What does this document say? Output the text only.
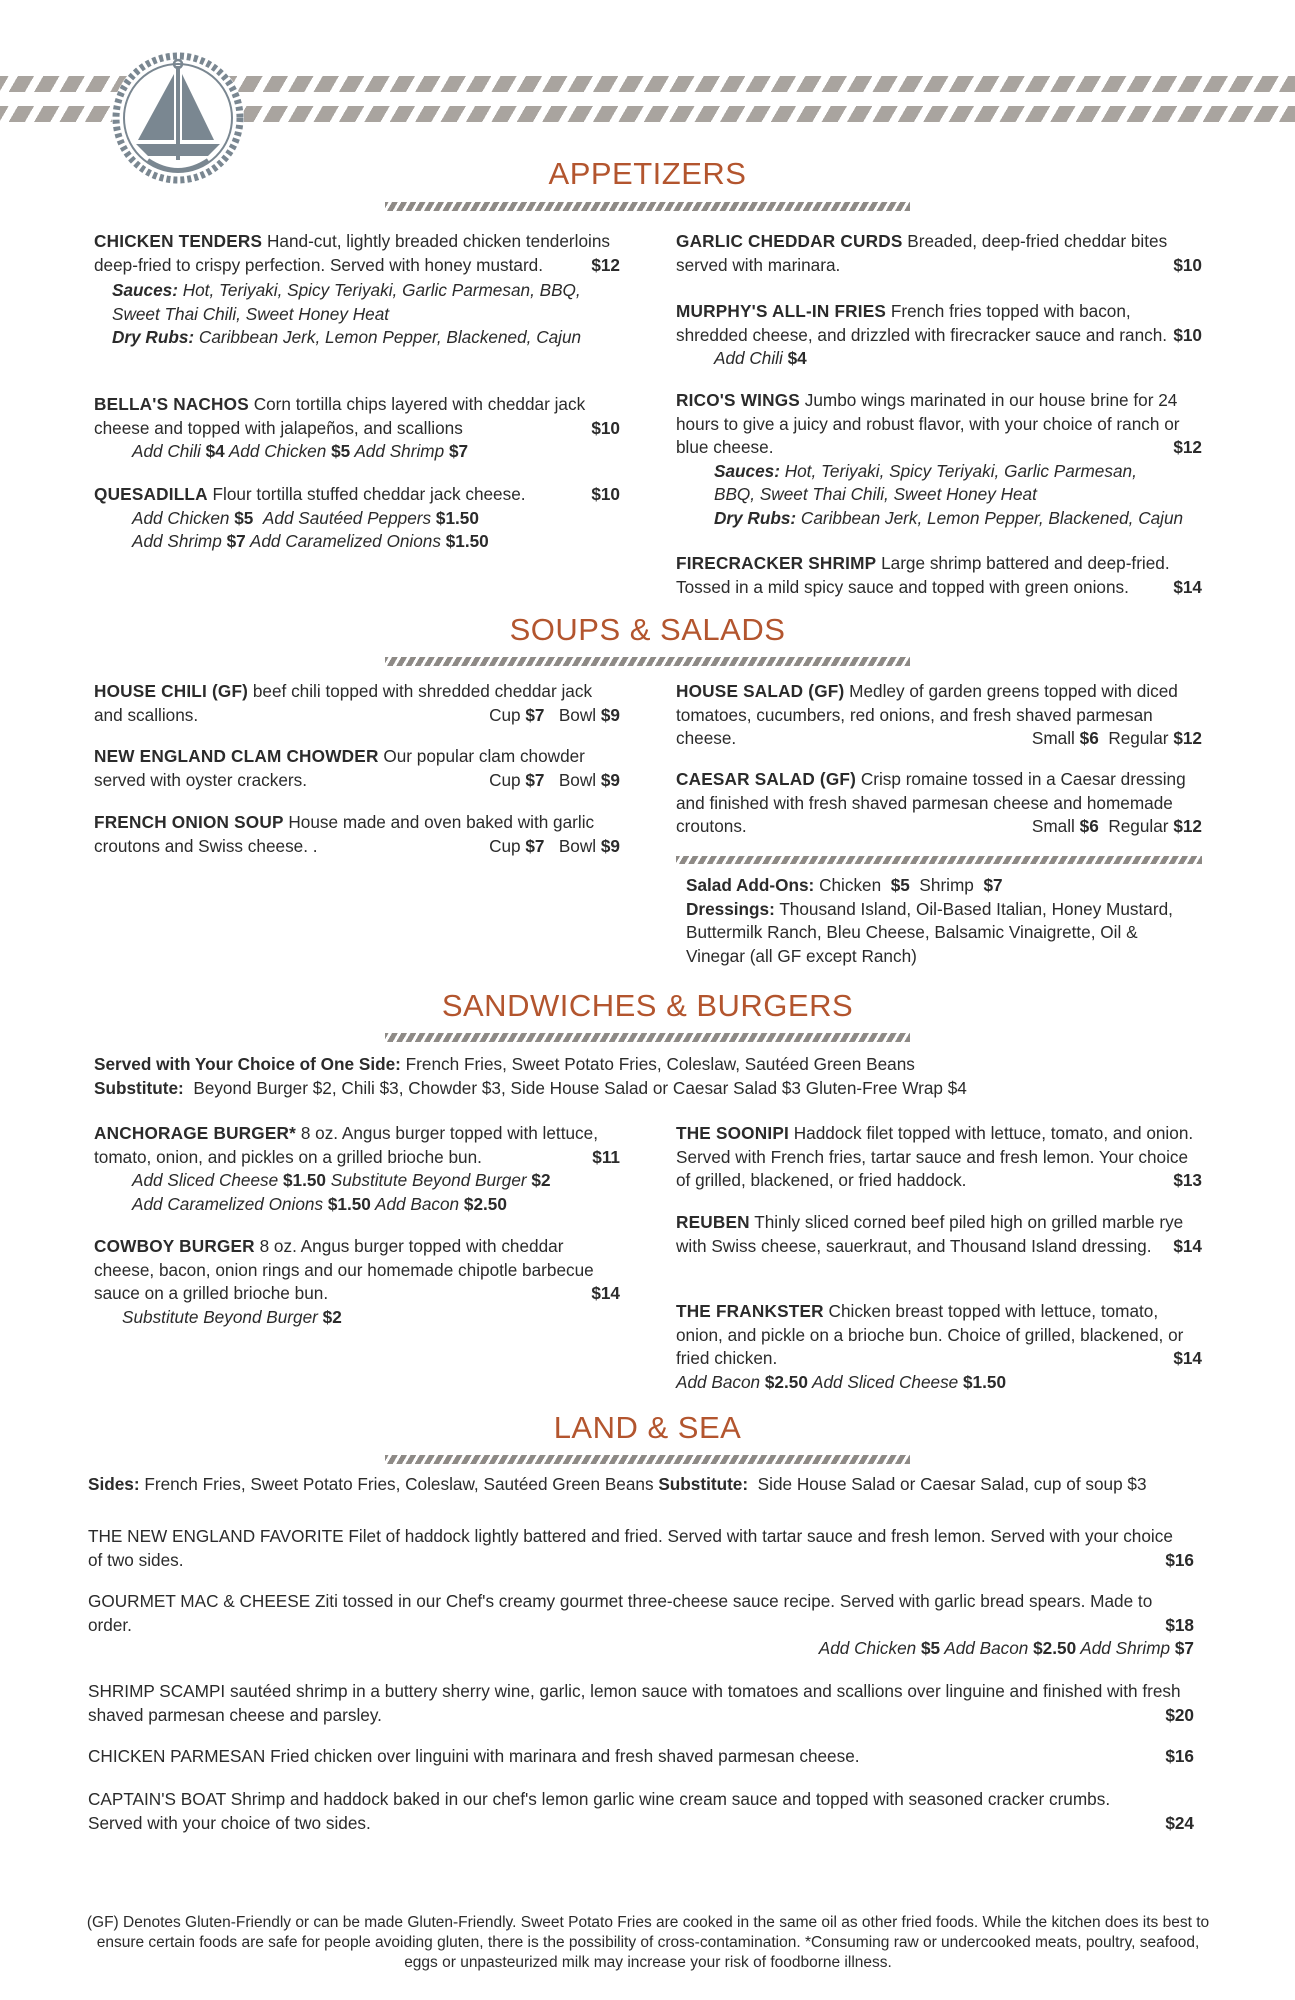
APPETIZERS
CHICKEN TENDERS Hand-cut, lightly breaded chicken tenderloins deep-fried to crispy perfection. Served with honey mustard.	$12
Sauces: Hot, Teriyaki, Spicy Teriyaki, Garlic Parmesan, BBQ, Sweet Thai Chili, Sweet Honey Heat
Dry Rubs: Caribbean Jerk, Lemon Pepper, Blackened, Cajun
BELLA'S NACHOS Corn tortilla chips layered with cheddar jack cheese and topped with jalapeños, and scallions	$10
Add Chili $4 Add Chicken $5 Add Shrimp $7
QUESADILLA Flour tortilla stuffed cheddar jack cheese.	$10
Add Chicken $5 Add Sautéed Peppers $1.50
Add Shrimp $7 Add Caramelized Onions $1.50
GARLIC CHEDDAR CURDS Breaded, deep-fried cheddar bites served with marinara.	$10
MURPHY'S ALL-IN FRIES French fries topped with bacon, shredded cheese, and drizzled with firecracker sauce and ranch. $10
Add Chili $4
RICO'S WINGS Jumbo wings marinated in our house brine for 24 hours to give a juicy and robust flavor, with your choice of ranch or blue cheese.	$12
Sauces: Hot, Teriyaki, Spicy Teriyaki, Garlic Parmesan, BBQ, Sweet Thai Chili, Sweet Honey Heat
Dry Rubs: Caribbean Jerk, Lemon Pepper, Blackened, Cajun
FIRECRACKER SHRIMP Large shrimp battered and deep-fried. Tossed in a mild spicy sauce and topped with green onions.	$14
SOUPS & SALADS
HOUSE CHILI (GF) beef chili topped with shredded cheddar jack and scallions.	Cup $7 Bowl $9
NEW ENGLAND CLAM CHOWDER Our popular clam chowder served with oyster crackers.	Cup $7 Bowl $9
FRENCH ONION SOUP House made and oven baked with garlic croutons and Swiss cheese. .	Cup $7 Bowl $9
HOUSE SALAD (GF) Medley of garden greens topped with diced tomatoes, cucumbers, red onions, and fresh shaved parmesan cheese.	Small $6 Regular $12
CAESAR SALAD (GF) Crisp romaine tossed in a Caesar dressing and finished with fresh shaved parmesan cheese and homemade croutons.	Small $6 Regular $12
Salad Add-Ons: Chicken $5 Shrimp $7
Dressings: Thousand Island, Oil-Based Italian, Honey Mustard, Buttermilk Ranch, Bleu Cheese, Balsamic Vinaigrette, Oil & Vinegar (all GF except Ranch)
SANDWICHES & BURGERS
Served with Your Choice of One Side: French Fries, Sweet Potato Fries, Coleslaw, Sautéed Green Beans
Substitute: Beyond Burger $2, Chili $3, Chowder $3, Side House Salad or Caesar Salad $3 Gluten-Free Wrap $4
ANCHORAGE BURGER* 8 oz. Angus burger topped with lettuce, tomato, onion, and pickles on a grilled brioche bun.	$11
Add Sliced Cheese $1.50 Substitute Beyond Burger $2
Add Caramelized Onions $1.50 Add Bacon $2.50
COWBOY BURGER 8 oz. Angus burger topped with cheddar cheese, bacon, onion rings and our homemade chipotle barbecue sauce on a grilled brioche bun.	$14
Substitute Beyond Burger $2
THE SOONIPI Haddock filet topped with lettuce, tomato, and onion. Served with French fries, tartar sauce and fresh lemon. Your choice of grilled, blackened, or fried haddock.	$13
REUBEN Thinly sliced corned beef piled high on grilled marble rye with Swiss cheese, sauerkraut, and Thousand Island dressing.	$14
THE FRANKSTER Chicken breast topped with lettuce, tomato, onion, and pickle on a brioche bun. Choice of grilled, blackened, or fried chicken.	$14
Add Bacon $2.50 Add Sliced Cheese $1.50
LAND & SEA
Sides: French Fries, Sweet Potato Fries, Coleslaw, Sautéed Green Beans Substitute: Side House Salad or Caesar Salad, cup of soup $3
THE NEW ENGLAND FAVORITE Filet of haddock lightly battered and fried. Served with tartar sauce and fresh lemon. Served with your choice of two sides.	$16
GOURMET MAC & CHEESE Ziti tossed in our Chef's creamy gourmet three-cheese sauce recipe. Served with garlic bread spears. Made to order.	$18
Add Chicken $5 Add Bacon $2.50 Add Shrimp $7
SHRIMP SCAMPI sautéed shrimp in a buttery sherry wine, garlic, lemon sauce with tomatoes and scallions over linguine and finished with fresh shaved parmesan cheese and parsley.	$20
CHICKEN PARMESAN Fried chicken over linguini with marinara and fresh shaved parmesan cheese.	$16
CAPTAIN'S BOAT Shrimp and haddock baked in our chef's lemon garlic wine cream sauce and topped with seasoned cracker crumbs. Served with your choice of two sides.	$24
(GF) Denotes Gluten-Friendly or can be made Gluten-Friendly. Sweet Potato Fries are cooked in the same oil as other fried foods. While the kitchen does its best to ensure certain foods are safe for people avoiding gluten, there is the possibility of cross-contamination. *Consuming raw or undercooked meats, poultry, seafood, eggs or unpasteurized milk may increase your risk of foodborne illness.
